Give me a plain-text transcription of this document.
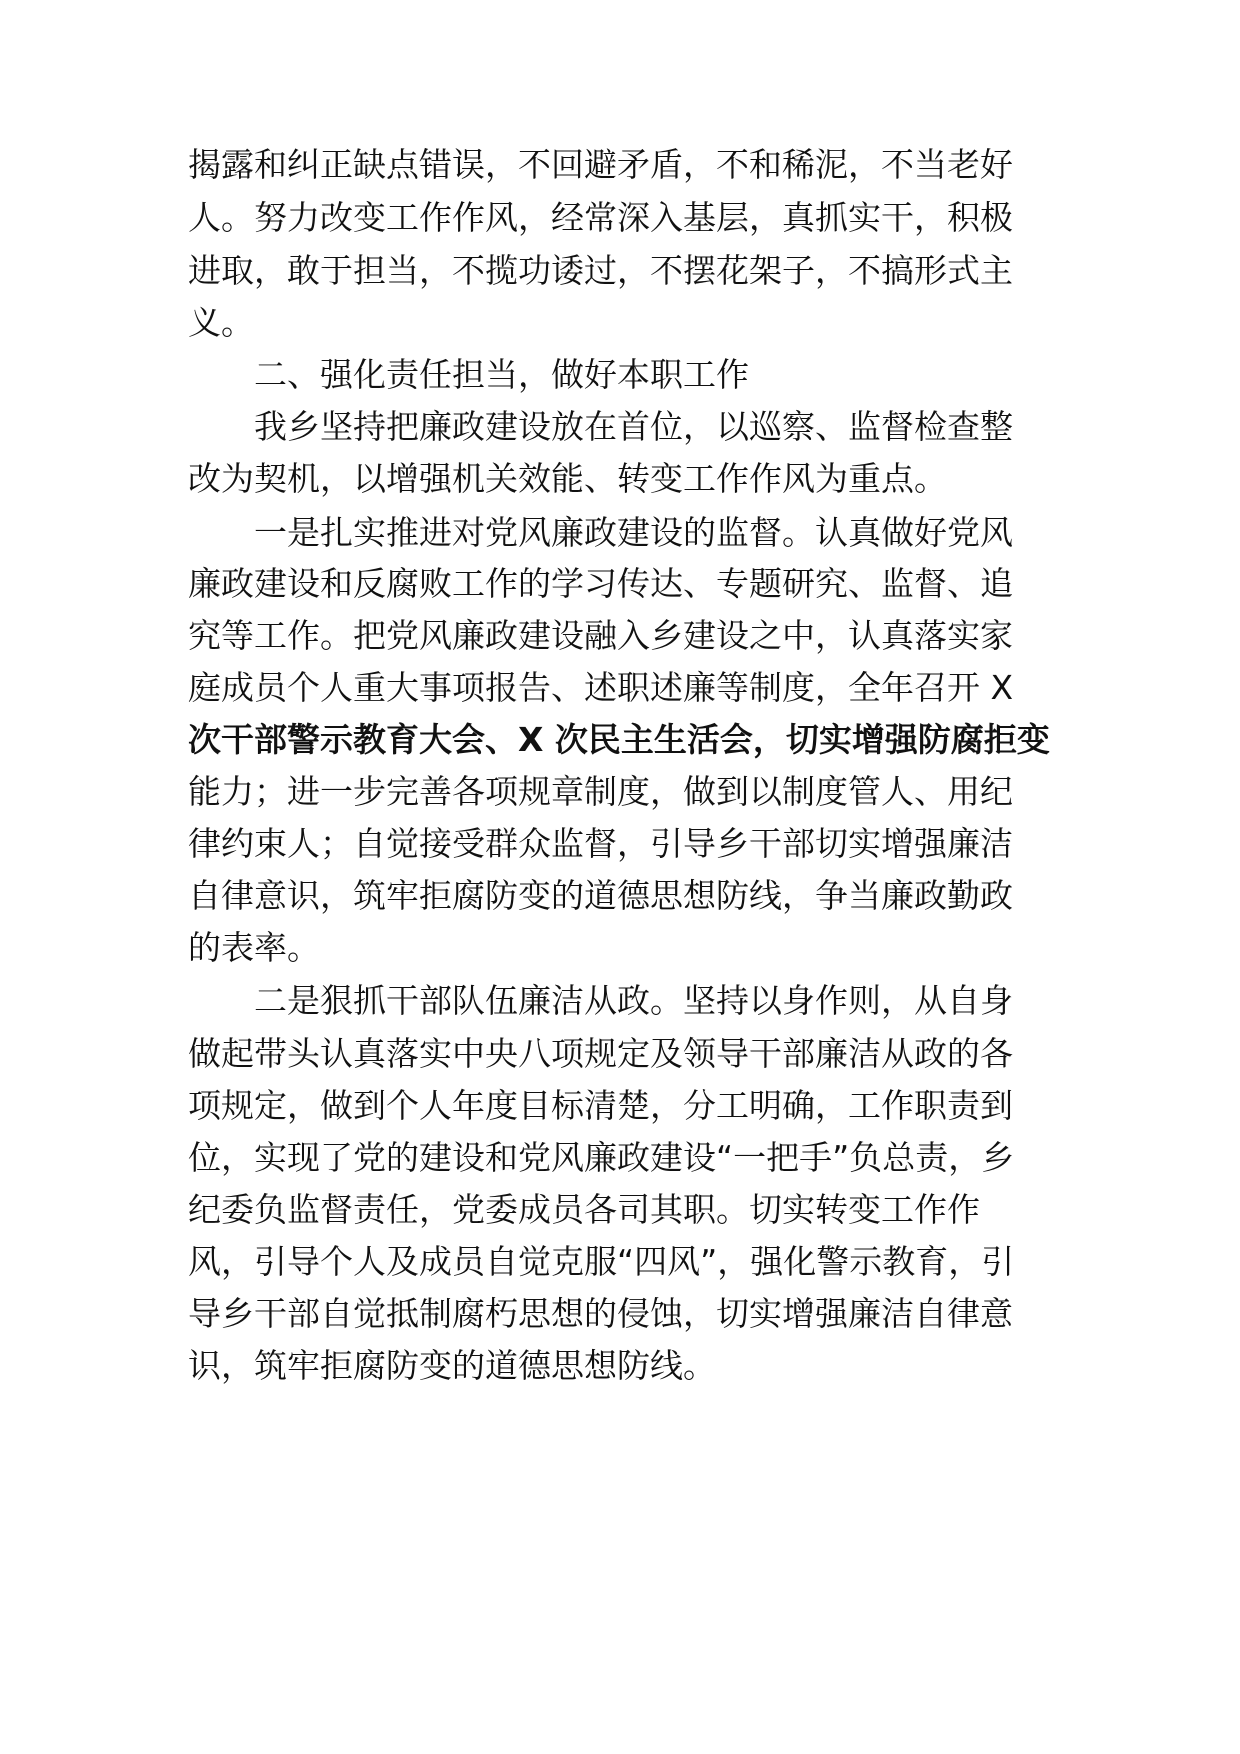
揭露和纠正缺点错误，不回避矛盾，不和稀泥，不当老好
人。努力改变工作作风，经常深入基层，真抓实干，积极
进取，敢于担当，不揽功诿过，不摆花架子，不搞形式主
义。
二、强化责任担当，做好本职工作
我乡坚持把廉政建设放在首位，以巡察、监督检查整
改为契机，以增强机关效能、转变工作作风为重点。
一是扎实推进对党风廉政建设的监督。认真做好党风
廉政建设和反腐败工作的学习传达、专题研究、监督、追
究等工作。把党风廉政建设融入乡建设之中，认真落实家
庭成员个人重大事项报告、述职述廉等制度，全年召开 X
次干部警示教育大会、X 次民主生活会，切实增强防腐拒变
能力；进一步完善各项规章制度，做到以制度管人、用纪
律约束人；自觉接受群众监督，引导乡干部切实增强廉洁
自律意识，筑牢拒腐防变的道德思想防线，争当廉政勤政
的表率。
二是狠抓干部队伍廉洁从政。坚持以身作则，从自身
做起带头认真落实中央八项规定及领导干部廉洁从政的各
项规定，做到个人年度目标清楚，分工明确，工作职责到
位，实现了党的建设和党风廉政建设“一把手”负总责，乡
纪委负监督责任，党委成员各司其职。切实转变工作作
风，引导个人及成员自觉克服“四风”，强化警示教育，引
导乡干部自觉抵制腐朽思想的侵蚀，切实增强廉洁自律意
识，筑牢拒腐防变的道德思想防线。
